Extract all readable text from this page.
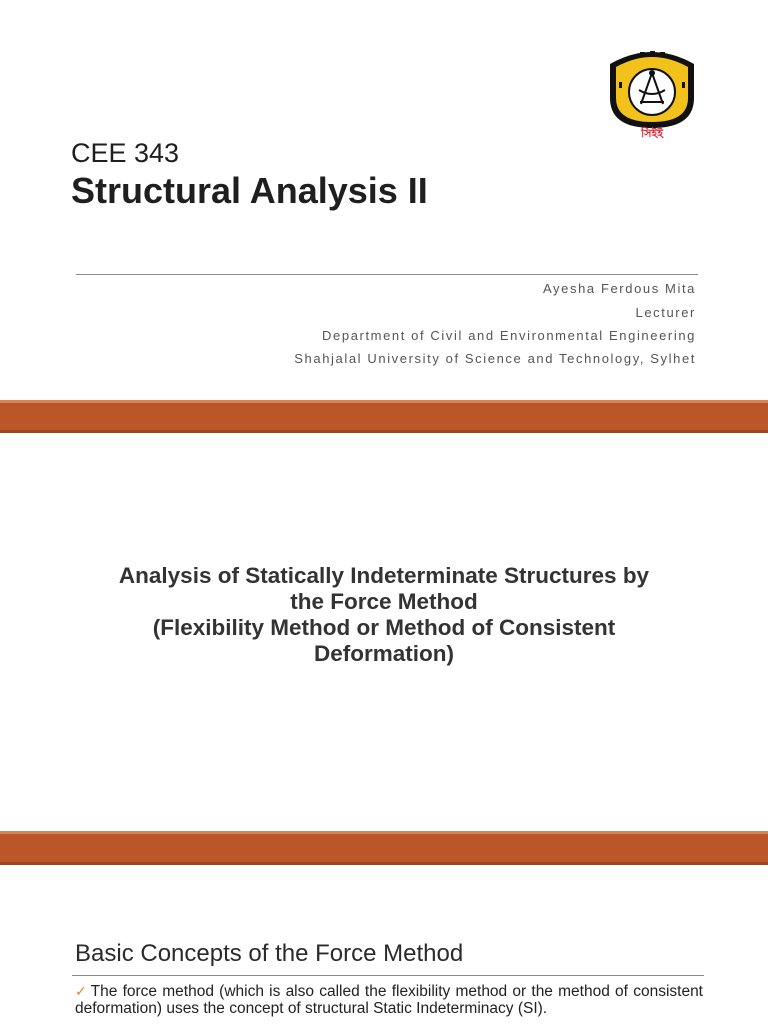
CEE 343
Structural Analysis II
সিইই
Ayesha Ferdous Mita
Lecturer
Department of Civil and Environmental Engineering
Shahjalal University of Science and Technology, Sylhet
Analysis of Statically Indeterminate Structures by
the Force Method
(Flexibility Method or Method of Consistent
Deformation)
Basic Concepts of the Force Method
✓ The force method (which is also called the flexibility method or the method of consistent deformation) uses the concept of structural Static Indeterminacy (SI).
